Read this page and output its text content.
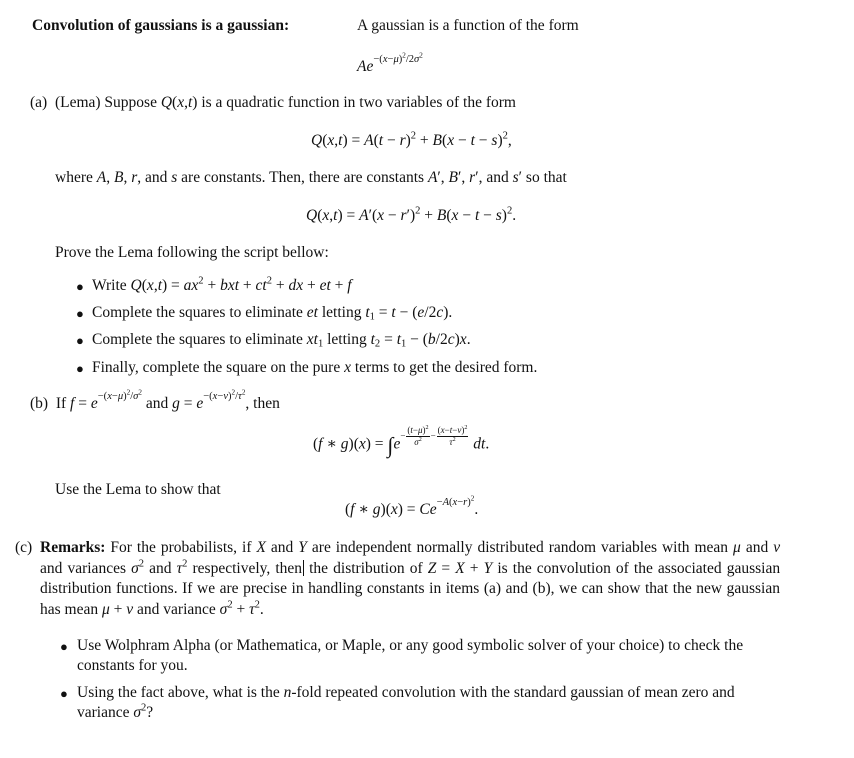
Convolution of gaussians is a gaussian:	A gaussian is a function of the form
$Ae^{-(x-\mu)^2/2\sigma^2}$
(a) (Lema) Suppose Q(x,t) is a quadratic function in two variables of the form
$Q(x,t) = A(t - r)^2 + B(x - t - s)^2$,
where A, B, r, and s are constants. Then, there are constants A′, B′, r′, and s′ so that
$Q(x,t) = A'(x - r')^2 + B(x - t - s)^2$.
Prove the Lema following the script bellow:
● Write $Q(x,t) = ax^2$ + bxt + $ct^2$ + dx + et + f
● Complete the squares to eliminate et letting $t_1 = t - (e/2c)$.
● Complete the squares to eliminate $xt_1$ letting $t_2 = t_1 - (b/2c)x$.
● Finally, complete the square on the pure x terms to get the desired form.
(b) If $f = e^{-(x-\mu)^2/\sigma^2}$ and $g = e^{-(x-\nu)^2/\tau^2}$, then
(f ∗ $g)(x) = \int e- \frac{(t-\mu)^2}{\sigma^2} - \frac{(x-t-\nu)^2}{\tau^2}$ dt.
Use the Lema to show that
(f ∗ $g)(x) = Ce^{-A(x-r)^2}$.
(c) Remarks: For the probabilists, if X and Y are independent normally distributed random variables with mean μ and ν and variances $\sigma^2$ and $\tau^2$ respectively, then the distribution of Z = X + Y is the convolution of the associated gaussian distribution functions. If we are precise in handling constants in items (a) and (b), we can show that the new gaussian has mean μ + ν and variance $\sigma^2 + \tau^2$.
● Use Wolphram Alpha (or Mathematica, or Maple, or any good symbolic solver of your choice) to check the constants for you.
● Using the fact above, what is the n-fold repeated convolution with the standard gaussian of mean zero and variance $\sigma^2$?
